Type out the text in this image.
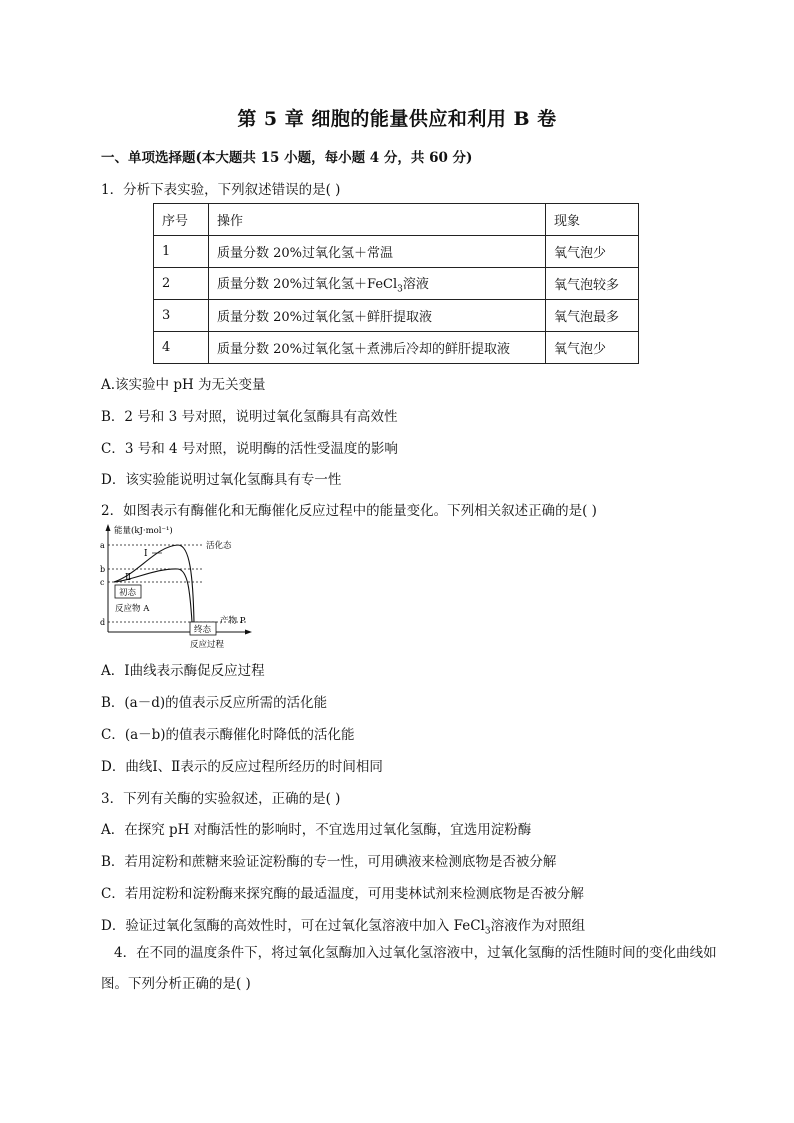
第 5 章 细胞的能量供应和利用 B 卷
一、单项选择题(本大题共 15 小题，每小题 4 分，共 60 分)
1．分析下表实验，下列叙述错误的是( )
序号	操作	现象
1	质量分数 20%过氧化氢＋常温	氧气泡少
2	质量分数 20%过氧化氢＋FeCl$_3$溶液	氧气泡较多
3	质量分数 20%过氧化氢＋鲜肝提取液	氧气泡最多
4	质量分数 20%过氧化氢＋煮沸后冷却的鲜肝提取液	氧气泡少
A.该实验中 pH 为无关变量
B．2 号和 3 号对照，说明过氧化氢酶具有高效性
C．3 号和 4 号对照，说明酶的活性受温度的影响
D．该实验能说明过氧化氢酶具有专一性
2．如图表示有酶催化和无酶催化反应过程中的能量变化。下列相关叙述正确的是( )
能量(kJ·mol⁻¹)
a
b
c
d
活化态
Ⅰ
Ⅱ
初态
反应物 A
终态
产物 P
反应过程
A．Ⅰ曲线表示酶促反应过程
B．(a－d)的值表示反应所需的活化能
C．(a－b)的值表示酶催化时降低的活化能
D．曲线Ⅰ、Ⅱ表示的反应过程所经历的时间相同
3．下列有关酶的实验叙述，正确的是( )
A．在探究 pH 对酶活性的影响时，不宜选用过氧化氢酶，宜选用淀粉酶
B．若用淀粉和蔗糖来验证淀粉酶的专一性，可用碘液来检测底物是否被分解
C．若用淀粉和淀粉酶来探究酶的最适温度，可用斐林试剂来检测底物是否被分解
D．验证过氧化氢酶的高效性时，可在过氧化氢溶液中加入 FeCl$_3$溶液作为对照组
4．在不同的温度条件下，将过氧化氢酶加入过氧化氢溶液中，过氧化氢酶的活性随时间的变化曲线如图。下列分析正确的是( )
